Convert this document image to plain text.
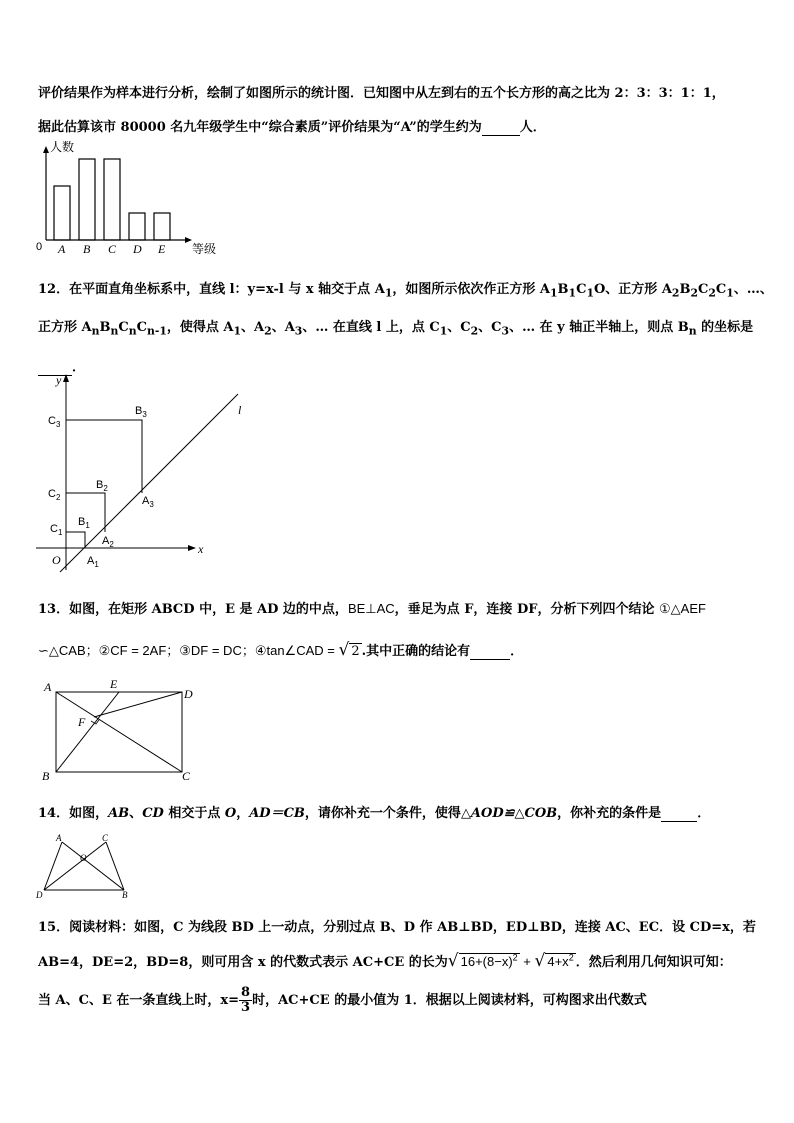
评价结果作为样本进行分析，绘制了如图所示的统计图．已知图中从左到右的五个长方形的高之比为 2：3：3：1：1，
据此估算该市 80000 名九年级学生中“综合素质”评价结果为“A”的学生约为	人．
人数
等级
0 A B C D E
12．在平面直角坐标系中，直线 l：y=x-l 与 x 轴交于点 $A_1$，如图所示依次作正方形 $A_1B_1C_1O$、正方形 $A_2B_2C_2C_1$、…、
正方形 $A_nB_nC_nC_{n-1}$，使得点 $A_1$、$A_2$、$A_3$、… 在直线 l 上，点 $C_1$、$C_2$、$C_3$、… 在 y 轴正半轴上，则点 $B_n$ 的坐标是
．
y
x
l
O
$C_3$
$C_2$
$C_1$
$B_3$
$B_2$
$B_1$
$A_3$
$A_2$
$A_1$
13．如图，在矩形 ABCD 中，E 是 AD 边的中点，BE⊥AC，垂足为点 F，连接 DF，分析下列四个结论 ①△AEF
∽△CAB；②CF = 2AF；③DF = DC；④tan∠CAD = √ 2 .其中正确的结论有	．
A	E
D
F
B	C
14．如图，AB、CD 相交于点 O，AD＝CB，请你补充一个条件，使得△AOD≌△COB，你补充的条件是	．
A	C
O
D	B
15．阅读材料：如图，C 为线段 BD 上一动点，分别过点 B、D 作 AB⊥BD，ED⊥BD，连接 AC、EC．设 CD=x，若
AB=4，DE=2，BD=8，则可用含 x 的代数式表示 AC+CE 的长为√ $16+(8-x)^2$ + √ $4+x^2$ ．然后利用几何知识可知：
当 A、C、E 在一条直线上时，$x= \frac{8}{3}$ 时，AC+CE 的最小值为 1．根据以上阅读材料，可构图求出代数式
